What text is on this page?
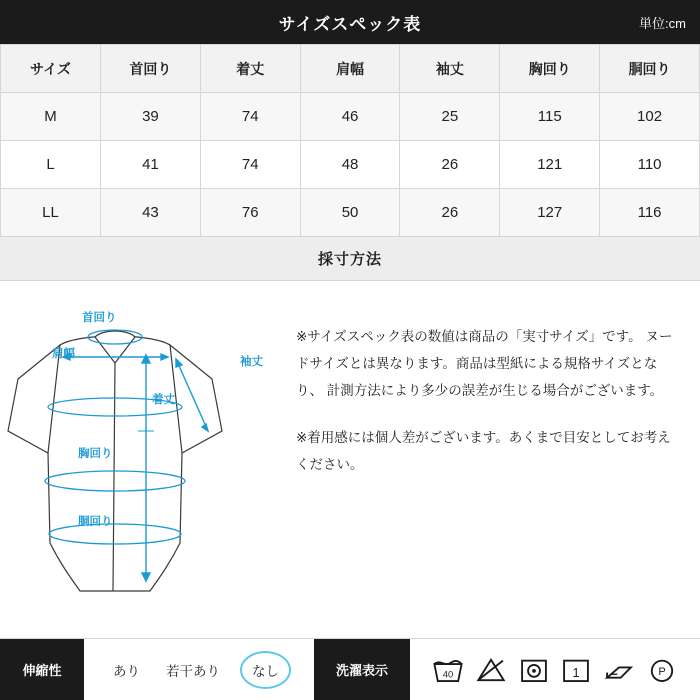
サイズスペック表	単位:cm
サイズ	首回り	着丈	肩幅	袖丈	胸回り	胴回り
M	39	74	46	25	115	102
L	41	74	48	26	121	110
LL	43	76	50	26	127	116
採寸方法
首回り
肩幅
袖丈
着丈
胸回り
胴回り

※サイズスペック表の数値は商品の「実寸サイズ」です。 ヌードサイズとは異なります。商品は型紙による規格サイズとなり、 計測方法により多少の誤差が生じる場合がございます。

※着用感には個人差がございます。あくまで目安としてお考えください。

伸縮性	あり	若干あり	なし	洗濯表示	40	1	P
